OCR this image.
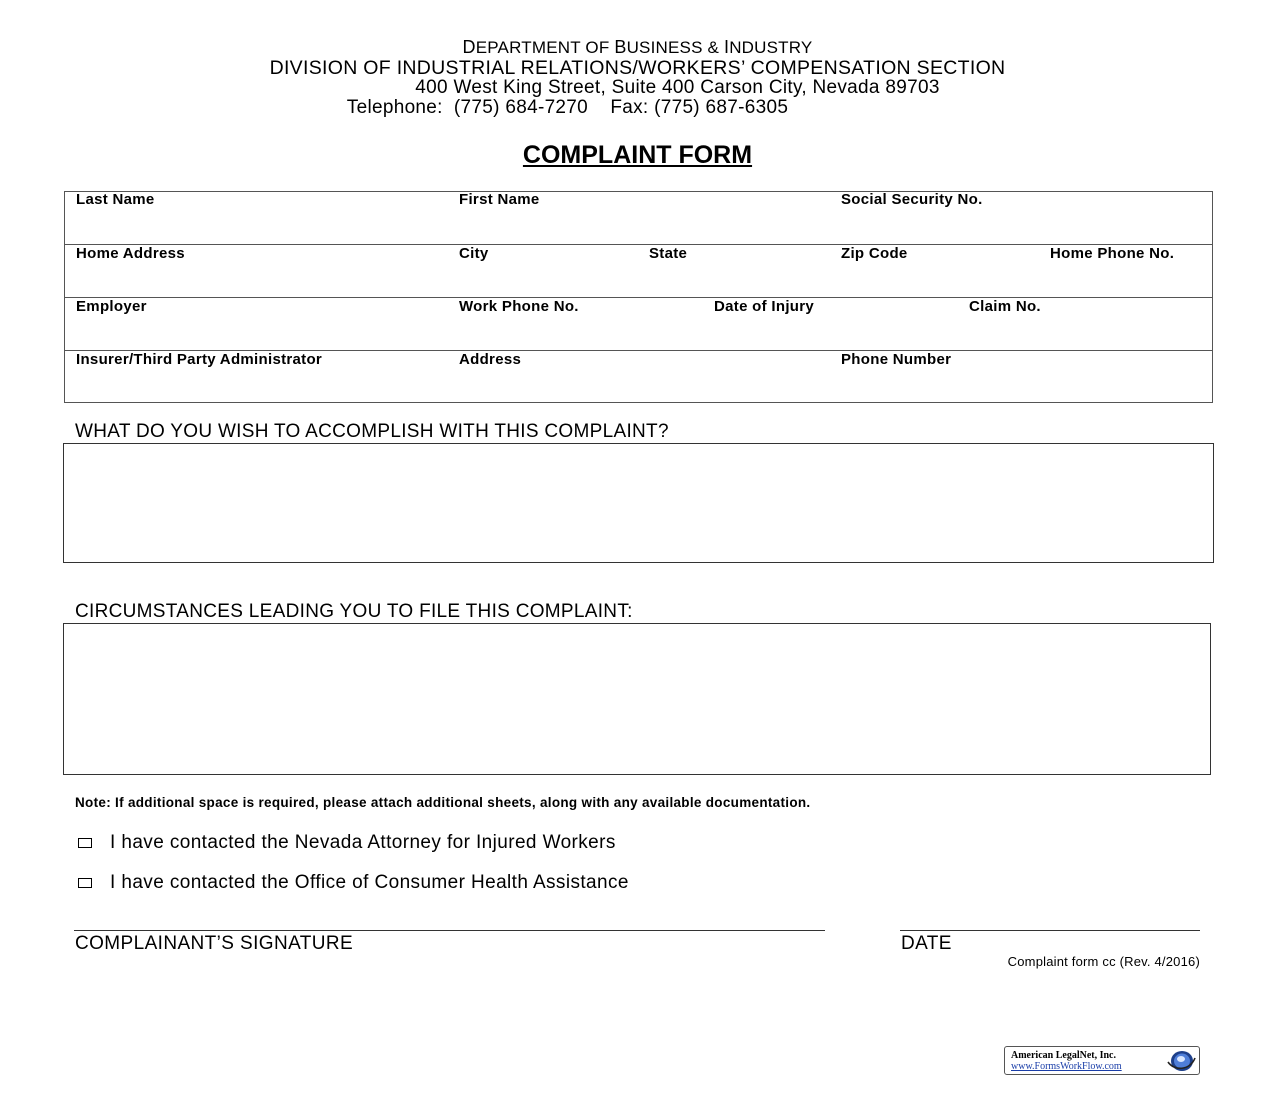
DEPARTMENT OF BUSINESS & INDUSTRY
DIVISION OF INDUSTRIAL RELATIONS/WORKERS’ COMPENSATION SECTION
400 West King Street, Suite 400 Carson City, Nevada 89703
Telephone:  (775) 684-7270    Fax: (775) 687-6305
COMPLAINT FORM
Last Name	First Name	Social Security No.
Home Address	City	State	Zip Code	Home Phone No.
Employer	Work Phone No.	Date of Injury	Claim No.
Insurer/Third Party Administrator	Address	Phone Number
WHAT DO YOU WISH TO ACCOMPLISH WITH THIS COMPLAINT?
CIRCUMSTANCES LEADING YOU TO FILE THIS COMPLAINT:
Note: If additional space is required, please attach additional sheets, along with any available documentation.
I have contacted the Nevada Attorney for Injured Workers
I have contacted the Office of Consumer Health Assistance
COMPLAINANT’S SIGNATURE	DATE
Complaint form cc (Rev. 4/2016)
American LegalNet, Inc.
www.FormsWorkFlow.com
